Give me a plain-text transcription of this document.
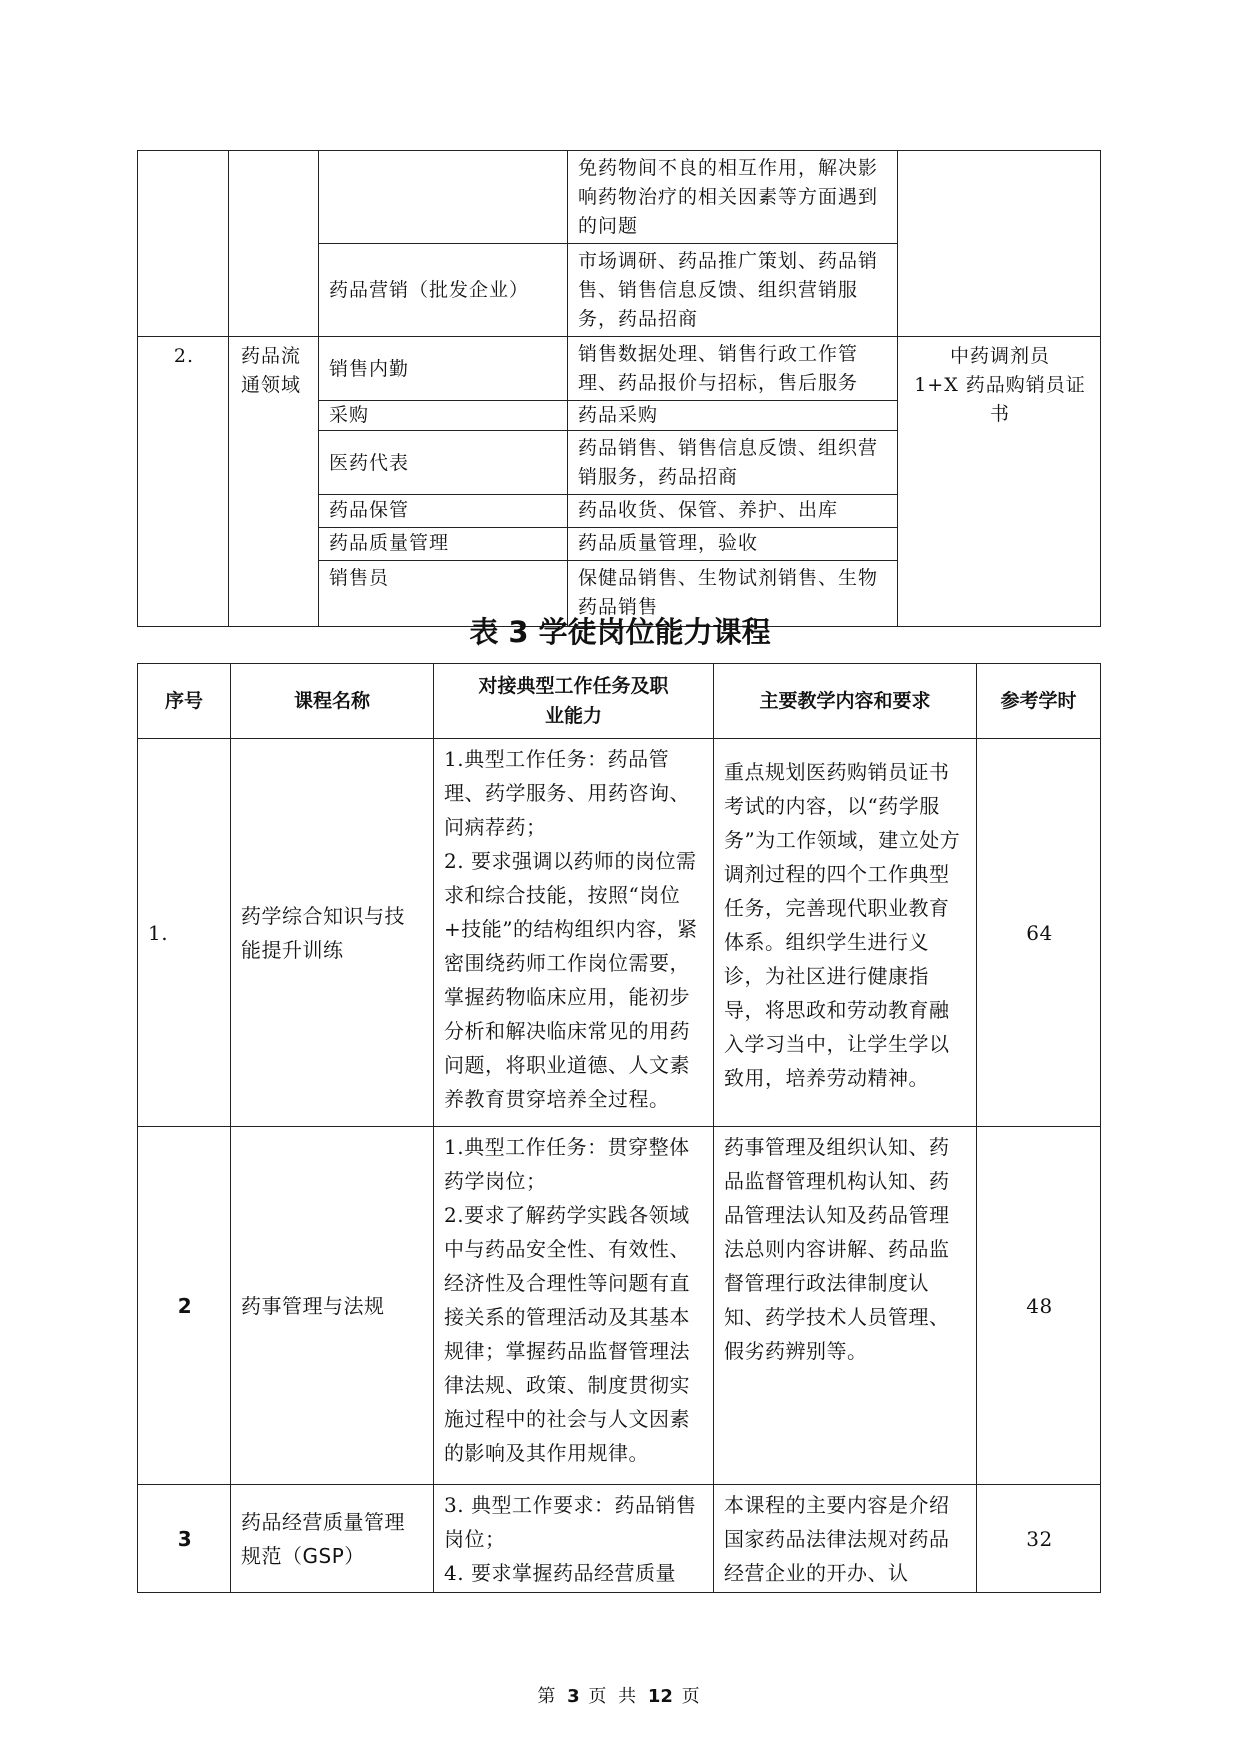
			免药物间不良的相互作用，解决影响药物治疗的相关因素等方面遇到的问题	

		药品营销（批发企业）	市场调研、药品推广策划、药品销售、销售信息反馈、组织营销服务，药品招商	

2.	药品流通领域	销售内勤	销售数据处理、销售行政工作管理、药品报价与招标，售后服务	中药调剂员
1+X 药品购销员证书

		采购	药品采购	

		医药代表	药品销售、销售信息反馈、组织营销服务，药品招商	

		药品保管	药品收货、保管、养护、出库	

		药品质量管理	药品质量管理，验收	

		销售员	保健品销售、生物试剂销售、生物药品销售	
表 3 学徒岗位能力课程
序号	课程名称	对接典型工作任务及职业能力	主要教学内容和要求	参考学时

1.	药学综合知识与技能提升训练	1.典型工作任务：药品管理、药学服务、用药咨询、问病荐药；
2. 要求强调以药师的岗位需求和综合技能，按照“岗位+技能”的结构组织内容，紧密围绕药师工作岗位需要，掌握药物临床应用，能初步分析和解决临床常见的用药问题，将职业道德、人文素养教育贯穿培养全过程。	重点规划医药购销员证书考试的内容，以“药学服务”为工作领域，建立处方调剂过程的四个工作典型任务，完善现代职业教育体系。组织学生进行义诊，为社区进行健康指导，将思政和劳动教育融入学习当中，让学生学以致用，培养劳动精神。	64

2	药事管理与法规	1.典型工作任务：贯穿整体药学岗位；
2.要求了解药学实践各领域中与药品安全性、有效性、经济性及合理性等问题有直接关系的管理活动及其基本规律；掌握药品监督管理法律法规、政策、制度贯彻实施过程中的社会与人文因素的影响及其作用规律。	药事管理及组织认知、药品监督管理机构认知、药品管理法认知及药品管理法总则内容讲解、药品监督管理行政法律制度认知、药学技术人员管理、假劣药辨别等。	48

3	药品经营质量管理规范（GSP）	3. 典型工作要求：药品销售岗位；
4. 要求掌握药品经营质量	本课程的主要内容是介绍国家药品法律法规对药品经营企业的开办、认	32
第 3 页 共 12 页
